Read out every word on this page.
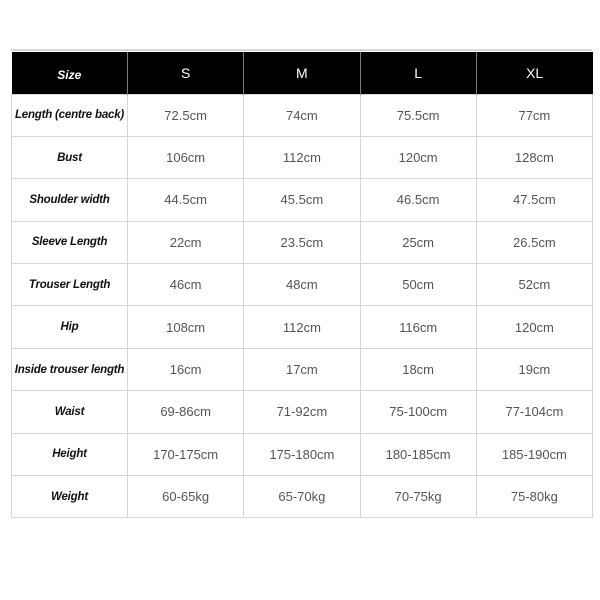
Size	S	M	L	XL
Length (centre back)	72.5cm	74cm	75.5cm	77cm
Bust	106cm	112cm	120cm	128cm
Shoulder width	44.5cm	45.5cm	46.5cm	47.5cm
Sleeve Length	22cm	23.5cm	25cm	26.5cm
Trouser Length	46cm	48cm	50cm	52cm
Hip	108cm	112cm	116cm	120cm
Inside trouser length	16cm	17cm	18cm	19cm
Waist	69-86cm	71-92cm	75-100cm	77-104cm
Height	170-175cm	175-180cm	180-185cm	185-190cm
Weight	60-65kg	65-70kg	70-75kg	75-80kg
